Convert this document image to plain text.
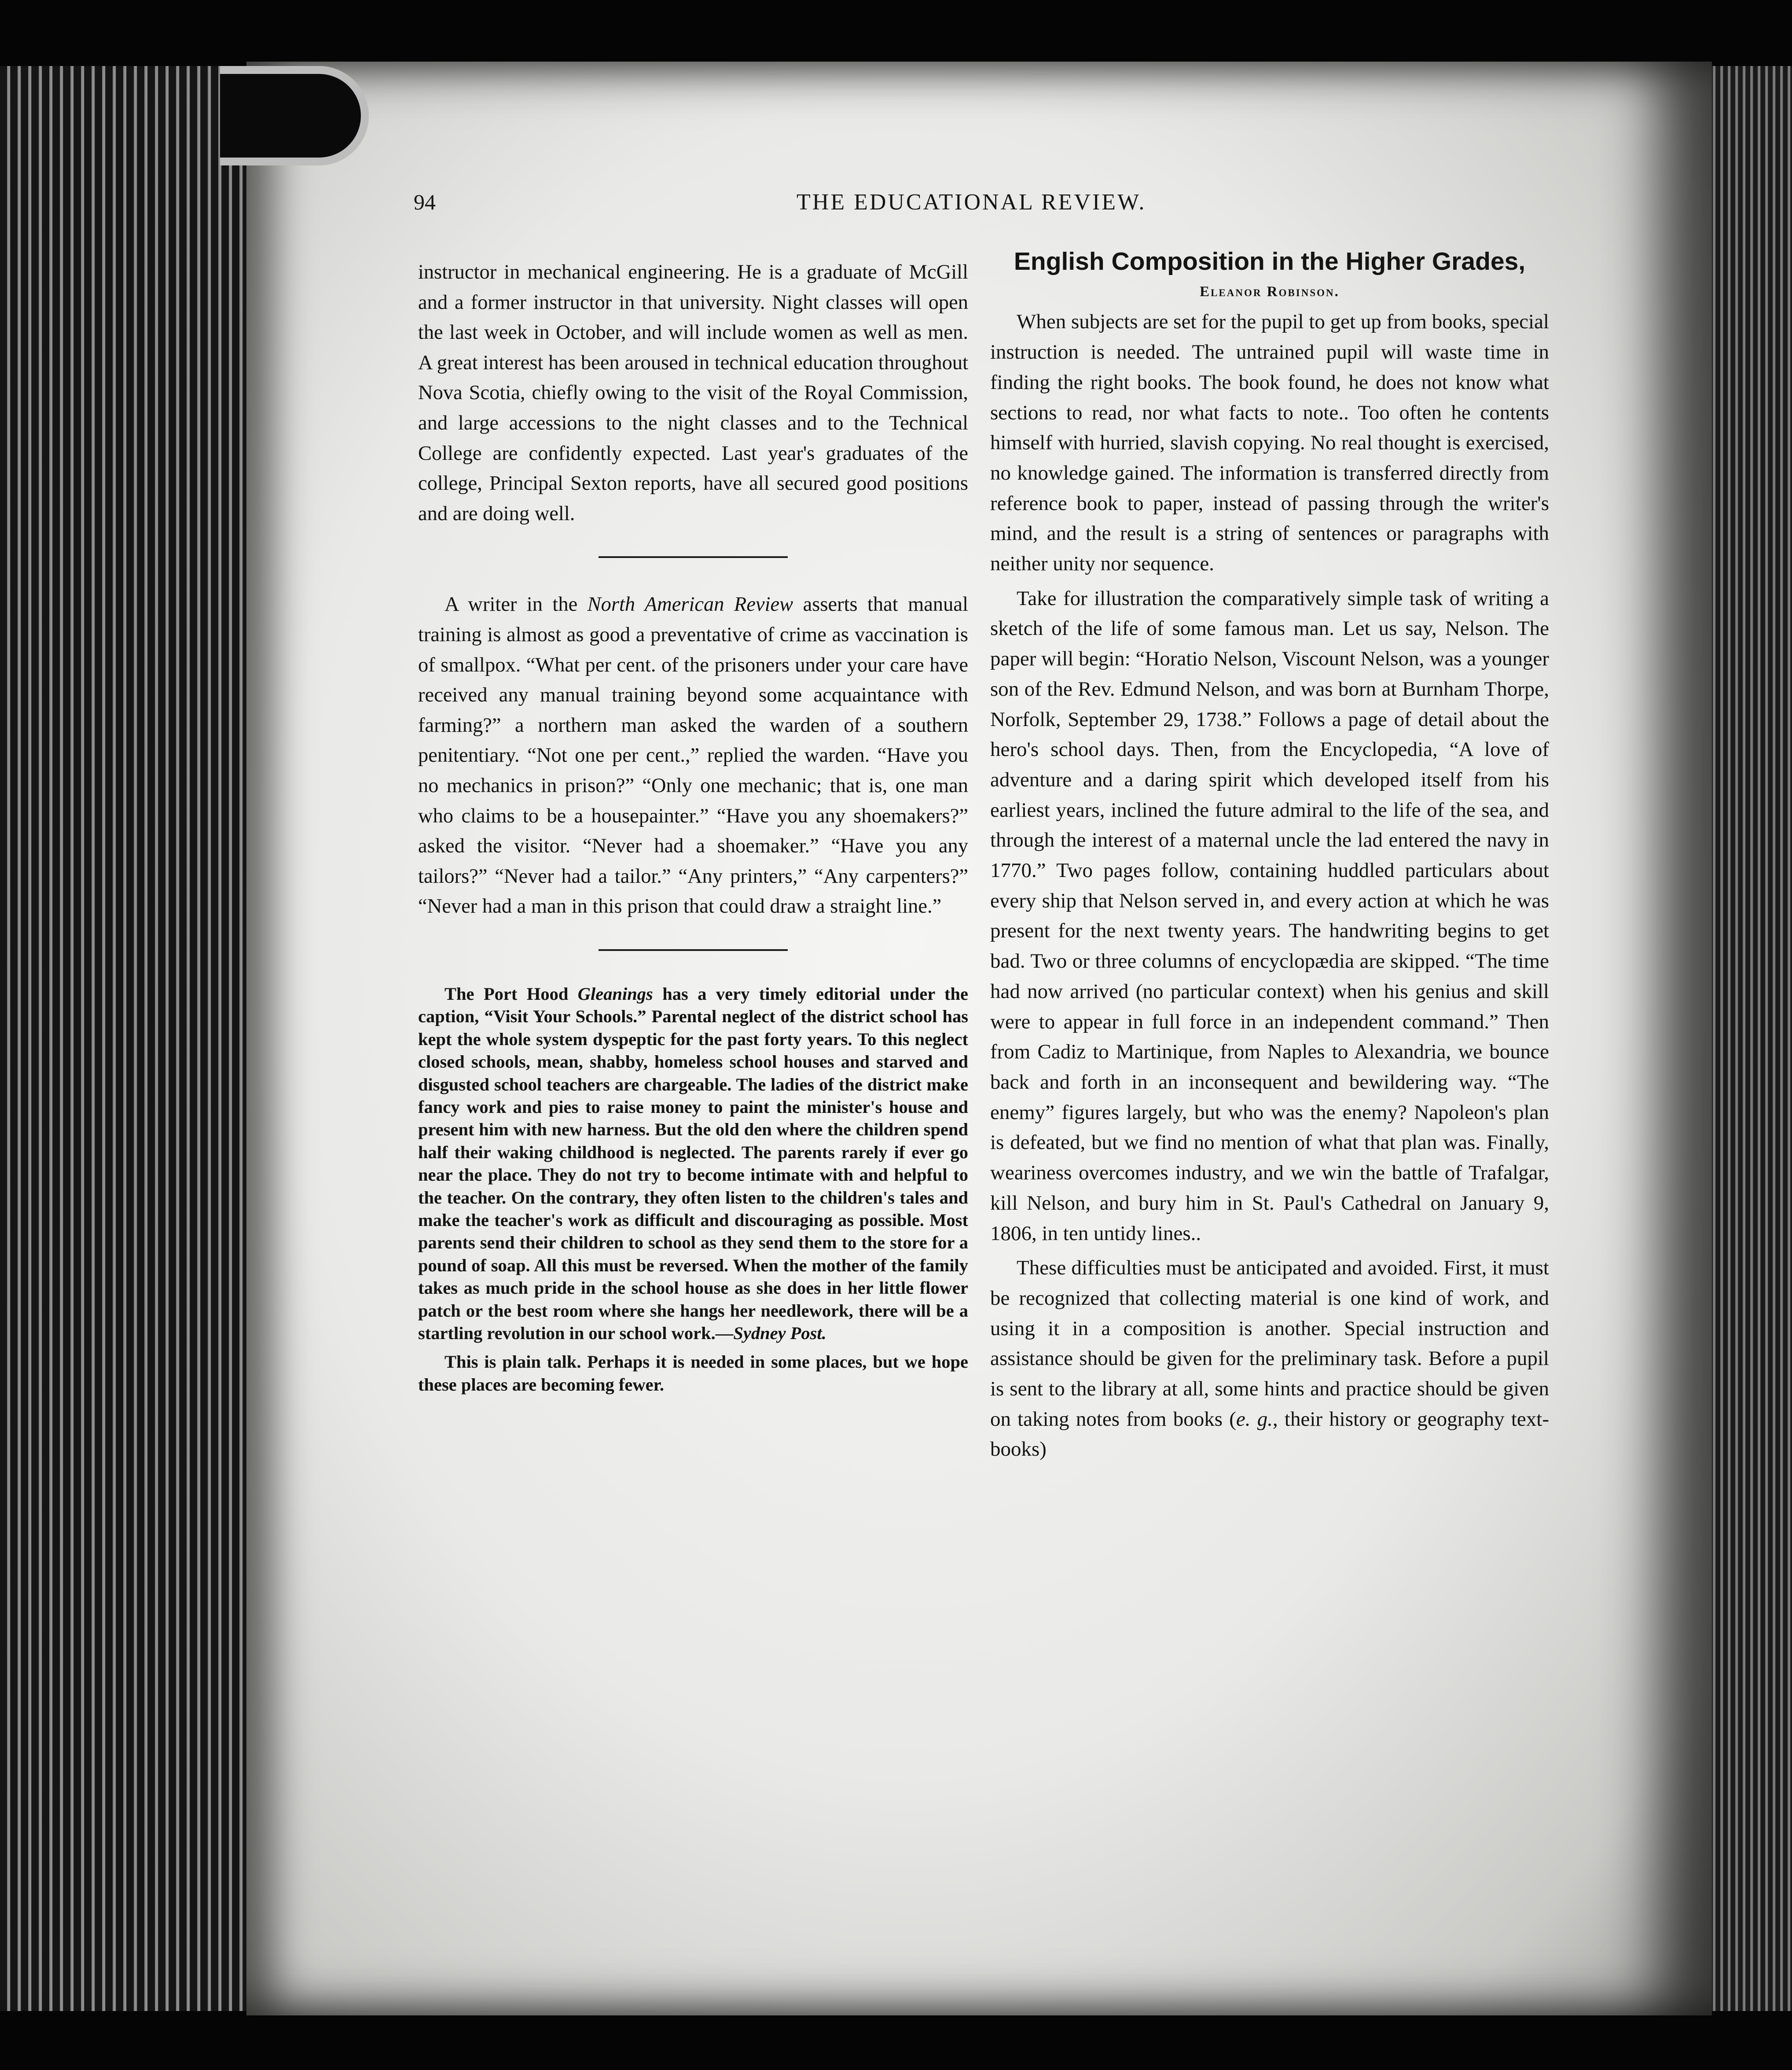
94	THE EDUCATIONAL REVIEW.

instructor in mechanical engineering. He is a graduate of McGill and a former instructor in that university. Night classes will open the last week in October, and will include women as well as men. A great interest has been aroused in technical education throughout Nova Scotia, chiefly owing to the visit of the Royal Commission, and large accessions to the night classes and to the Technical College are confidently expected. Last year's graduates of the college, Principal Sexton reports, have all secured good positions and are doing well.

A writer in the North American Review asserts that manual training is almost as good a preventative of crime as vaccination is of smallpox. “What per cent. of the prisoners under your care have received any manual training beyond some acquaintance with farming?” a northern man asked the warden of a southern penitentiary. “Not one per cent.,” replied the warden. “Have you no mechanics in prison?” “Only one mechanic; that is, one man who claims to be a housepainter.” “Have you any shoemakers?” asked the visitor. “Never had a shoemaker.” “Have you any tailors?” “Never had a tailor.” “Any printers,” “Any carpenters?” “Never had a man in this prison that could draw a straight line.”

The Port Hood Gleanings has a very timely editorial under the caption, “Visit Your Schools.” Parental neglect of the district school has kept the whole system dyspeptic for the past forty years. To this neglect closed schools, mean, shabby, homeless school houses and starved and disgusted school teachers are chargeable. The ladies of the district make fancy work and pies to raise money to paint the minister's house and present him with new harness. But the old den where the children spend half their waking childhood is neglected. The parents rarely if ever go near the place. They do not try to become intimate with and helpful to the teacher. On the contrary, they often listen to the children's tales and make the teacher's work as difficult and discouraging as possible. Most parents send their children to school as they send them to the store for a pound of soap. All this must be reversed. When the mother of the family takes as much pride in the school house as she does in her little flower patch or the best room where she hangs her needlework, there will be a startling revolution in our school work.—Sydney Post.

This is plain talk. Perhaps it is needed in some places, but we hope these places are becoming fewer.

English Composition in the Higher Grades,

Eleanor Robinson.

When subjects are set for the pupil to get up from books, special instruction is needed. The untrained pupil will waste time in finding the right books. The book found, he does not know what sections to read, nor what facts to note.. Too often he contents himself with hurried, slavish copying. No real thought is exercised, no knowledge gained. The information is transferred directly from reference book to paper, instead of passing through the writer's mind, and the result is a string of sentences or paragraphs with neither unity nor sequence.

Take for illustration the comparatively simple task of writing a sketch of the life of some famous man. Let us say, Nelson. The paper will begin: “Horatio Nelson, Viscount Nelson, was a younger son of the Rev. Edmund Nelson, and was born at Burnham Thorpe, Norfolk, September 29, 1738.” Follows a page of detail about the hero's school days. Then, from the Encyclopedia, “A love of adventure and a daring spirit which developed itself from his earliest years, inclined the future admiral to the life of the sea, and through the interest of a maternal uncle the lad entered the navy in 1770.” Two pages follow, containing huddled particulars about every ship that Nelson served in, and every action at which he was present for the next twenty years. The handwriting begins to get bad. Two or three columns of encyclopædia are skipped. “The time had now arrived (no particular context) when his genius and skill were to appear in full force in an independent command.” Then from Cadiz to Martinique, from Naples to Alexandria, we bounce back and forth in an inconsequent and bewildering way. “The enemy” figures largely, but who was the enemy? Napoleon's plan is defeated, but we find no mention of what that plan was. Finally, weariness overcomes industry, and we win the battle of Trafalgar, kill Nelson, and bury him in St. Paul's Cathedral on January 9, 1806, in ten untidy lines..

These difficulties must be anticipated and avoided. First, it must be recognized that collecting material is one kind of work, and using it in a composition is another. Special instruction and assistance should be given for the preliminary task. Before a pupil is sent to the library at all, some hints and practice should be given on taking notes from books (e. g., their history or geography text-books)
